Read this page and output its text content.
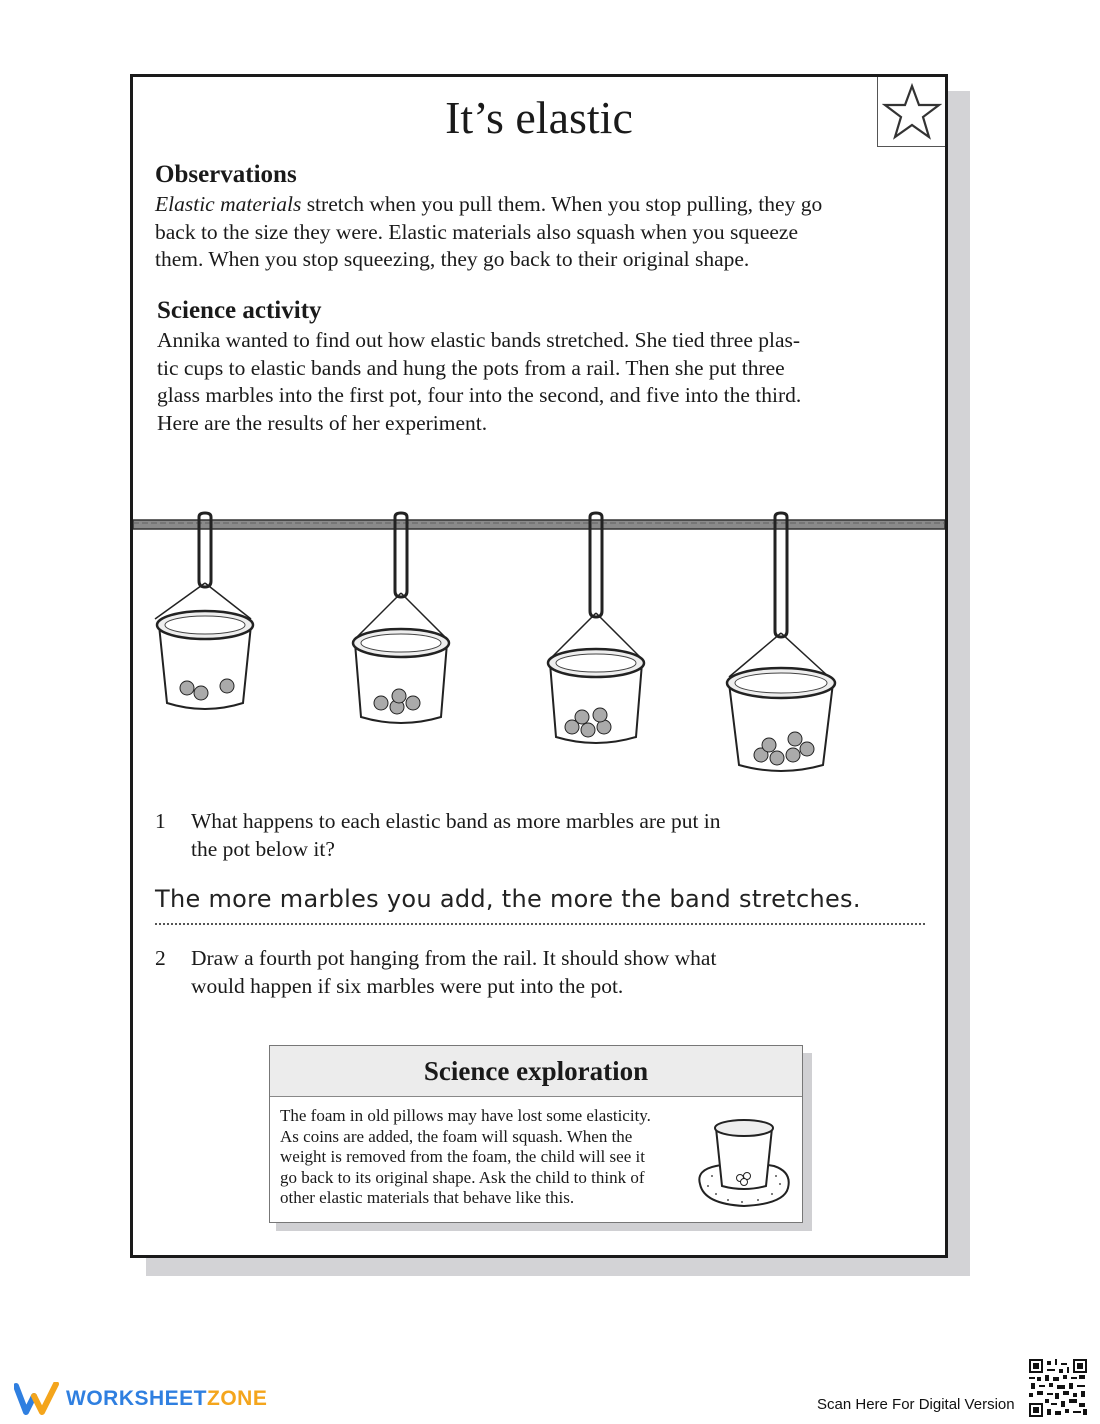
It’s elastic
Observations

Elastic materials stretch when you pull them. When you stop pulling, they go
back to the size they were. Elastic materials also squash when you squeeze
them. When you stop squeezing, they go back to their original shape.

Science activity

Annika wanted to find out how elastic bands stretched. She tied three plas-
tic cups to elastic bands and hung the pots from a rail. Then she put three
glass marbles into the first pot, four into the second, and five into the third.
Here are the results of her experiment.

1 What happens to each elastic band as more marbles are put in
the pot below it?
The more marbles you add, the more the band stretches.
2 Draw a fourth pot hanging from the rail. It should show what
would happen if six marbles were put into the pot.
Science exploration
The foam in old pillows may have lost some elasticity.
As coins are added, the foam will squash. When the
weight is removed from the foam, the child will see it
go back to its original shape. Ask the child to think of
other elastic materials that behave like this.
WORKSHEETZONE	Scan Here For Digital Version
